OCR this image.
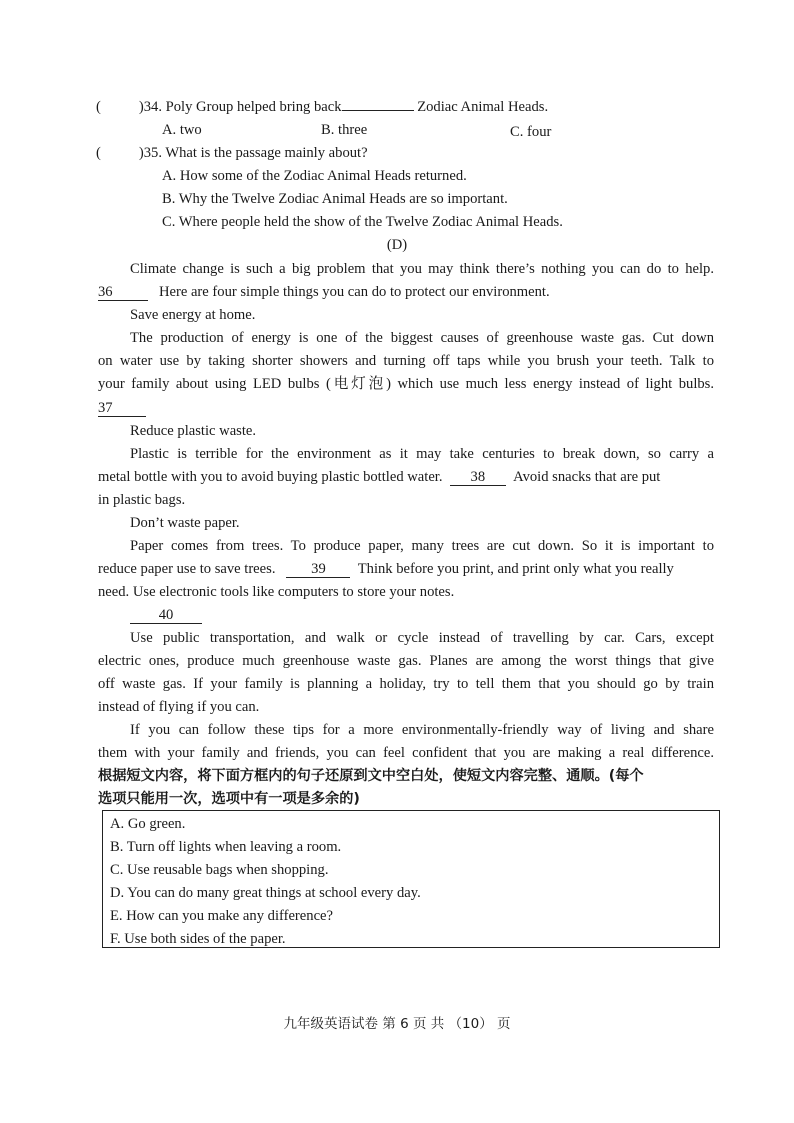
(	)34. Poly Group helped bring back	Zodiac Animal Heads.
A. two	B. three	C. four
(	)35. What is the passage mainly about?
A. How some of the Zodiac Animal Heads returned.
B. Why the Twelve Zodiac Animal Heads are so important.
C. Where people held the show of the Twelve Zodiac Animal Heads.
(D)
Climate change is such a big problem that you may think there’s nothing you can do to help.
36	Here are four simple things you can do to protect our environment.
Save energy at home.
The production of energy is one of the biggest causes of greenhouse waste gas. Cut down
on water use by taking shorter showers and turning off taps while you brush your teeth. Talk to
your family about using LED bulbs (电灯泡) which use much less energy instead of light bulbs.
37
Reduce plastic waste.
Plastic is terrible for the environment as it may take centuries to break down, so carry a
metal bottle with you to avoid buying plastic bottled water. 38 Avoid snacks that are put
in plastic bags.
Don’t waste paper.
Paper comes from trees. To produce paper, many trees are cut down. So it is important to
reduce paper use to save trees. 39 Think before you print, and print only what you really
need. Use electronic tools like computers to store your notes.
40
Use public transportation, and walk or cycle instead of travelling by car. Cars, except
electric ones, produce much greenhouse waste gas. Planes are among the worst things that give
off waste gas. If your family is planning a holiday, try to tell them that you should go by train
instead of flying if you can.
If you can follow these tips for a more environmentally-friendly way of living and share
them with your family and friends, you can feel confident that you are making a real difference.
根据短文内容，将下面方框内的句子还原到文中空白处，使短文内容完整、通顺。(每个
选项只能用一次，选项中有一项是多余的)
A. Go green.
B. Turn off lights when leaving a room.
C. Use reusable bags when shopping.
D. You can do many great things at school every day.
E. How can you make any difference?
F. Use both sides of the paper.
九年级英语试卷 第 6 页 共 （10） 页
